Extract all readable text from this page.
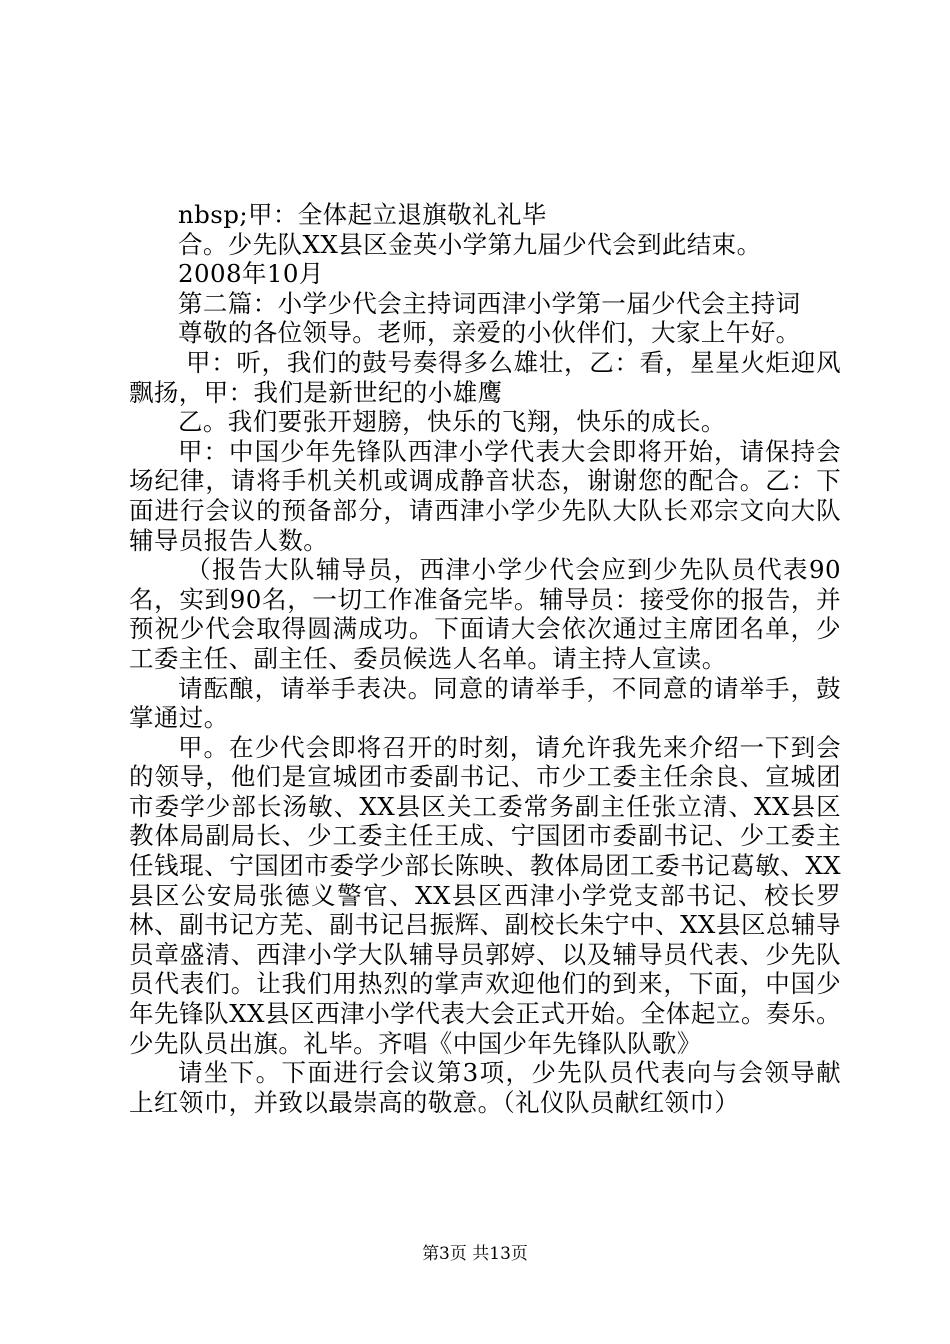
nbsp;甲：全体起立退旗敬礼礼毕

合。少先队XX县区金英小学第九届少代会到此结束。

2008年10月

第二篇：小学少代会主持词西津小学第一届少代会主持词

尊敬的各位领导。老师，亲爱的小伙伴们，大家上午好。

甲：听，我们的鼓号奏得多么雄壮，乙：看，星星火炬迎风飘扬，甲：我们是新世纪的小雄鹰

乙。我们要张开翅膀，快乐的飞翔，快乐的成长。

甲：中国少年先锋队西津小学代表大会即将开始，请保持会场纪律，请将手机关机或调成静音状态，谢谢您的配合。乙：下面进行会议的预备部分，请西津小学少先队大队长邓宗文向大队辅导员报告人数。

（报告大队辅导员，西津小学少代会应到少先队员代表90名，实到90名，一切工作准备完毕。辅导员：接受你的报告，并预祝少代会取得圆满成功。下面请大会依次通过主席团名单，少工委主任、副主任、委员候选人名单。请主持人宣读。

请酝酿，请举手表决。同意的请举手，不同意的请举手，鼓掌通过。

甲。在少代会即将召开的时刻，请允许我先来介绍一下到会的领导，他们是宣城团市委副书记、市少工委主任余良、宣城团市委学少部长汤敏、XX县区关工委常务副主任张立清、XX县区教体局副局长、少工委主任王成、宁国团市委副书记、少工委主任钱琨、宁国团市委学少部长陈映、教体局团工委书记葛敏、XX县区公安局张德义警官、XX县区西津小学党支部书记、校长罗林、副书记方芜、副书记吕振辉、副校长朱宁中、XX县区总辅导员章盛清、西津小学大队辅导员郭婷、以及辅导员代表、少先队员代表们。让我们用热烈的掌声欢迎他们的到来，下面，中国少年先锋队XX县区西津小学代表大会正式开始。全体起立。奏乐。少先队员出旗。礼毕。齐唱《中国少年先锋队队歌》

请坐下。下面进行会议第3项，少先队员代表向与会领导献上红领巾，并致以最崇高的敬意。（礼仪队员献红领巾）

第3页 共13页
